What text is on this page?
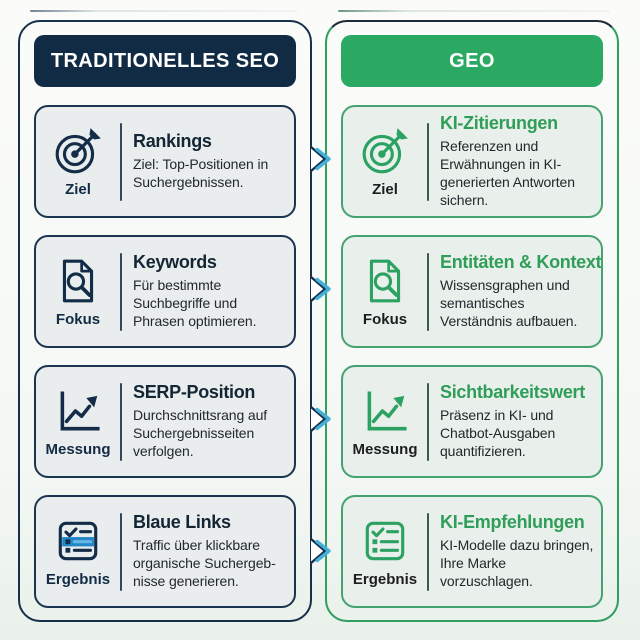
TRADITIONELLES SEO
Ziel
Rankings

Ziel: Top-Positionen in Suchergebnissen.

Fokus
Keywords

Für bestimmte Suchbegriffe und Phrasen optimieren.

Messung
SERP-Position

Durchschnittsrang auf Suchergebnisseiten verfolgen.

Ergebnis
Blaue Links

Traffic über klickbare organische Suchergebnisse generieren.

GEO
Ziel
KI-Zitierungen

Referenzen und Erwähnungen in KI-generierten Antworten sichern.

Fokus
Entitäten & Kontext

Wissensgraphen und semantisches Verständnis aufbauen.

Messung
Sichtbarkeitswert

Präsenz in KI- und Chatbot-Ausgaben quantifizieren.

Ergebnis
KI-Empfehlungen

KI-Modelle dazu bringen, Ihre Marke vorzuschlagen.
